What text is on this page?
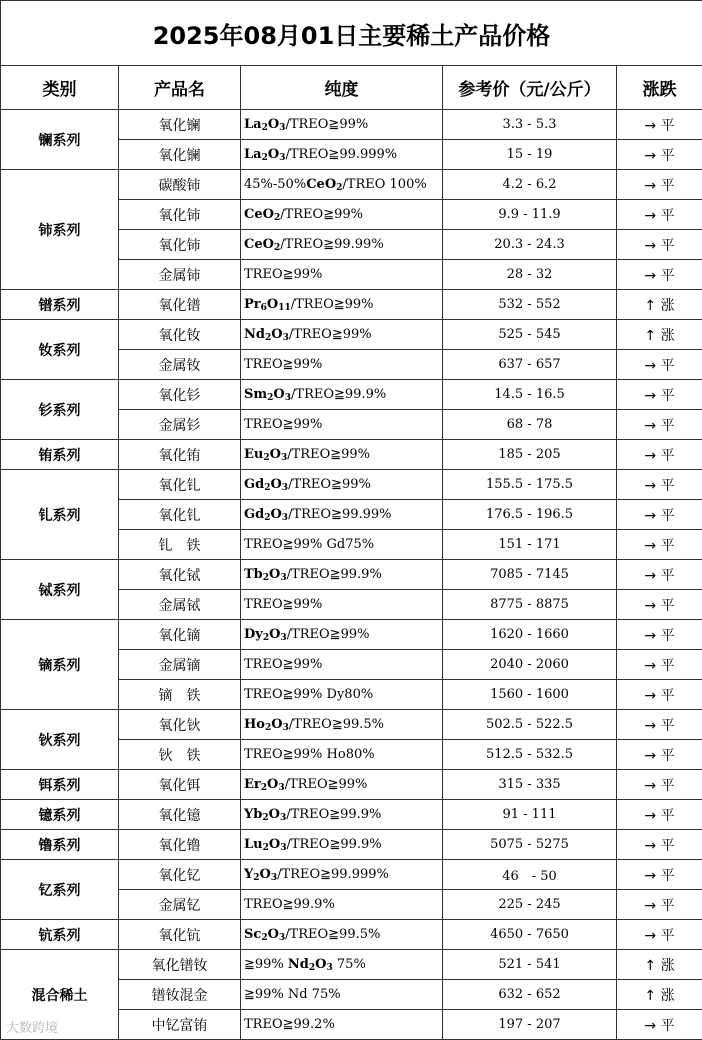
2025年08月01日主要稀土产品价格				
类别	产品名	纯度	参考价（元/公斤）	涨跌
镧系列	氧化镧	$La_2O_3/TREO≧99\%$	3.3 - 5.3	→ 平
	氧化镧	$La_2O_3/TREO≧99.999\%$	15 - 19	→ 平
铈系列	碳酸铈	45%-50%CeO$_2$/TREO 100%	4.2 - 6.2	→ 平
	氧化铈	CeO$_2$/TREO≧99%	9.9 - 11.9	→ 平
	氧化铈	CeO$_2$/TREO≧99.99%	20.3 - 24.3	→ 平
	金属铈	TREO≧99%	28 - 32	→ 平
镨系列	氧化镨	$Pr_6O_{11}/TREO≧99\%$	532 - 552	↑ 涨
钕系列	氧化钕	$Nd_2O_3/TREO≧99\%$	525 - 545	↑ 涨
	金属钕	TREO≧99%	637 - 657	→ 平
钐系列	氧化钐	$Sm_2O_3/TREO≧99.9\%$	14.5 - 16.5	→ 平
	金属钐	TREO≧99%	68 - 78	→ 平
铕系列	氧化铕	$Eu_2O_3/TREO≧99\%$	185 - 205	→ 平
钆系列	氧化钆	$Gd_2O_3/TREO≧99\%$	155.5 - 175.5	→ 平
	氧化钆	$Gd_2O_3/TREO≧99.99\%$	176.5 - 196.5	→ 平
	钆　铁	TREO≧99% Gd75%	151 - 171	→ 平
铽系列	氧化铽	$Tb_2O_3/TREO≧99.9\%$	7085 - 7145	→ 平
	金属铽	TREO≧99%	8775 - 8875	→ 平
镝系列	氧化镝	$Dy_2O_3/TREO≧99\%$	1620 - 1660	→ 平
	金属镝	TREO≧99%	2040 - 2060	→ 平
	镝　铁	TREO≧99% Dy80%	1560 - 1600	→ 平
钬系列	氧化钬	$Ho_2O_3/TREO≧99.5\%$	502.5 - 522.5	→ 平
	钬　铁	TREO≧99% Ho80%	512.5 - 532.5	→ 平
铒系列	氧化铒	$Er_2O_3/TREO≧99\%$	315 - 335	→ 平
镱系列	氧化镱	$Yb_2O_3/TREO≧99.9\%$	91 - 111	→ 平
镥系列	氧化镥	$Lu_2O_3/TREO≧99.9\%$	5075 - 5275	→ 平
钇系列	氧化钇	$Y_2O_3/TREO≧99.999\%$	46　- 50	→ 平
	金属钇	TREO≧99.9%	225 - 245	→ 平
钪系列	氧化钪	$Sc_2O_3/TREO≧99.5\%$	4650 - 7650	→ 平
混合稀土	氧化镨钕	≧99% $Nd_2O_3$ 75%	521 - 541	↑ 涨
	镨钕混金	≧99% Nd 75%	632 - 652	↑ 涨
	中钇富铕	TREO≧99.2%	197 - 207	→ 平
大数跨境
